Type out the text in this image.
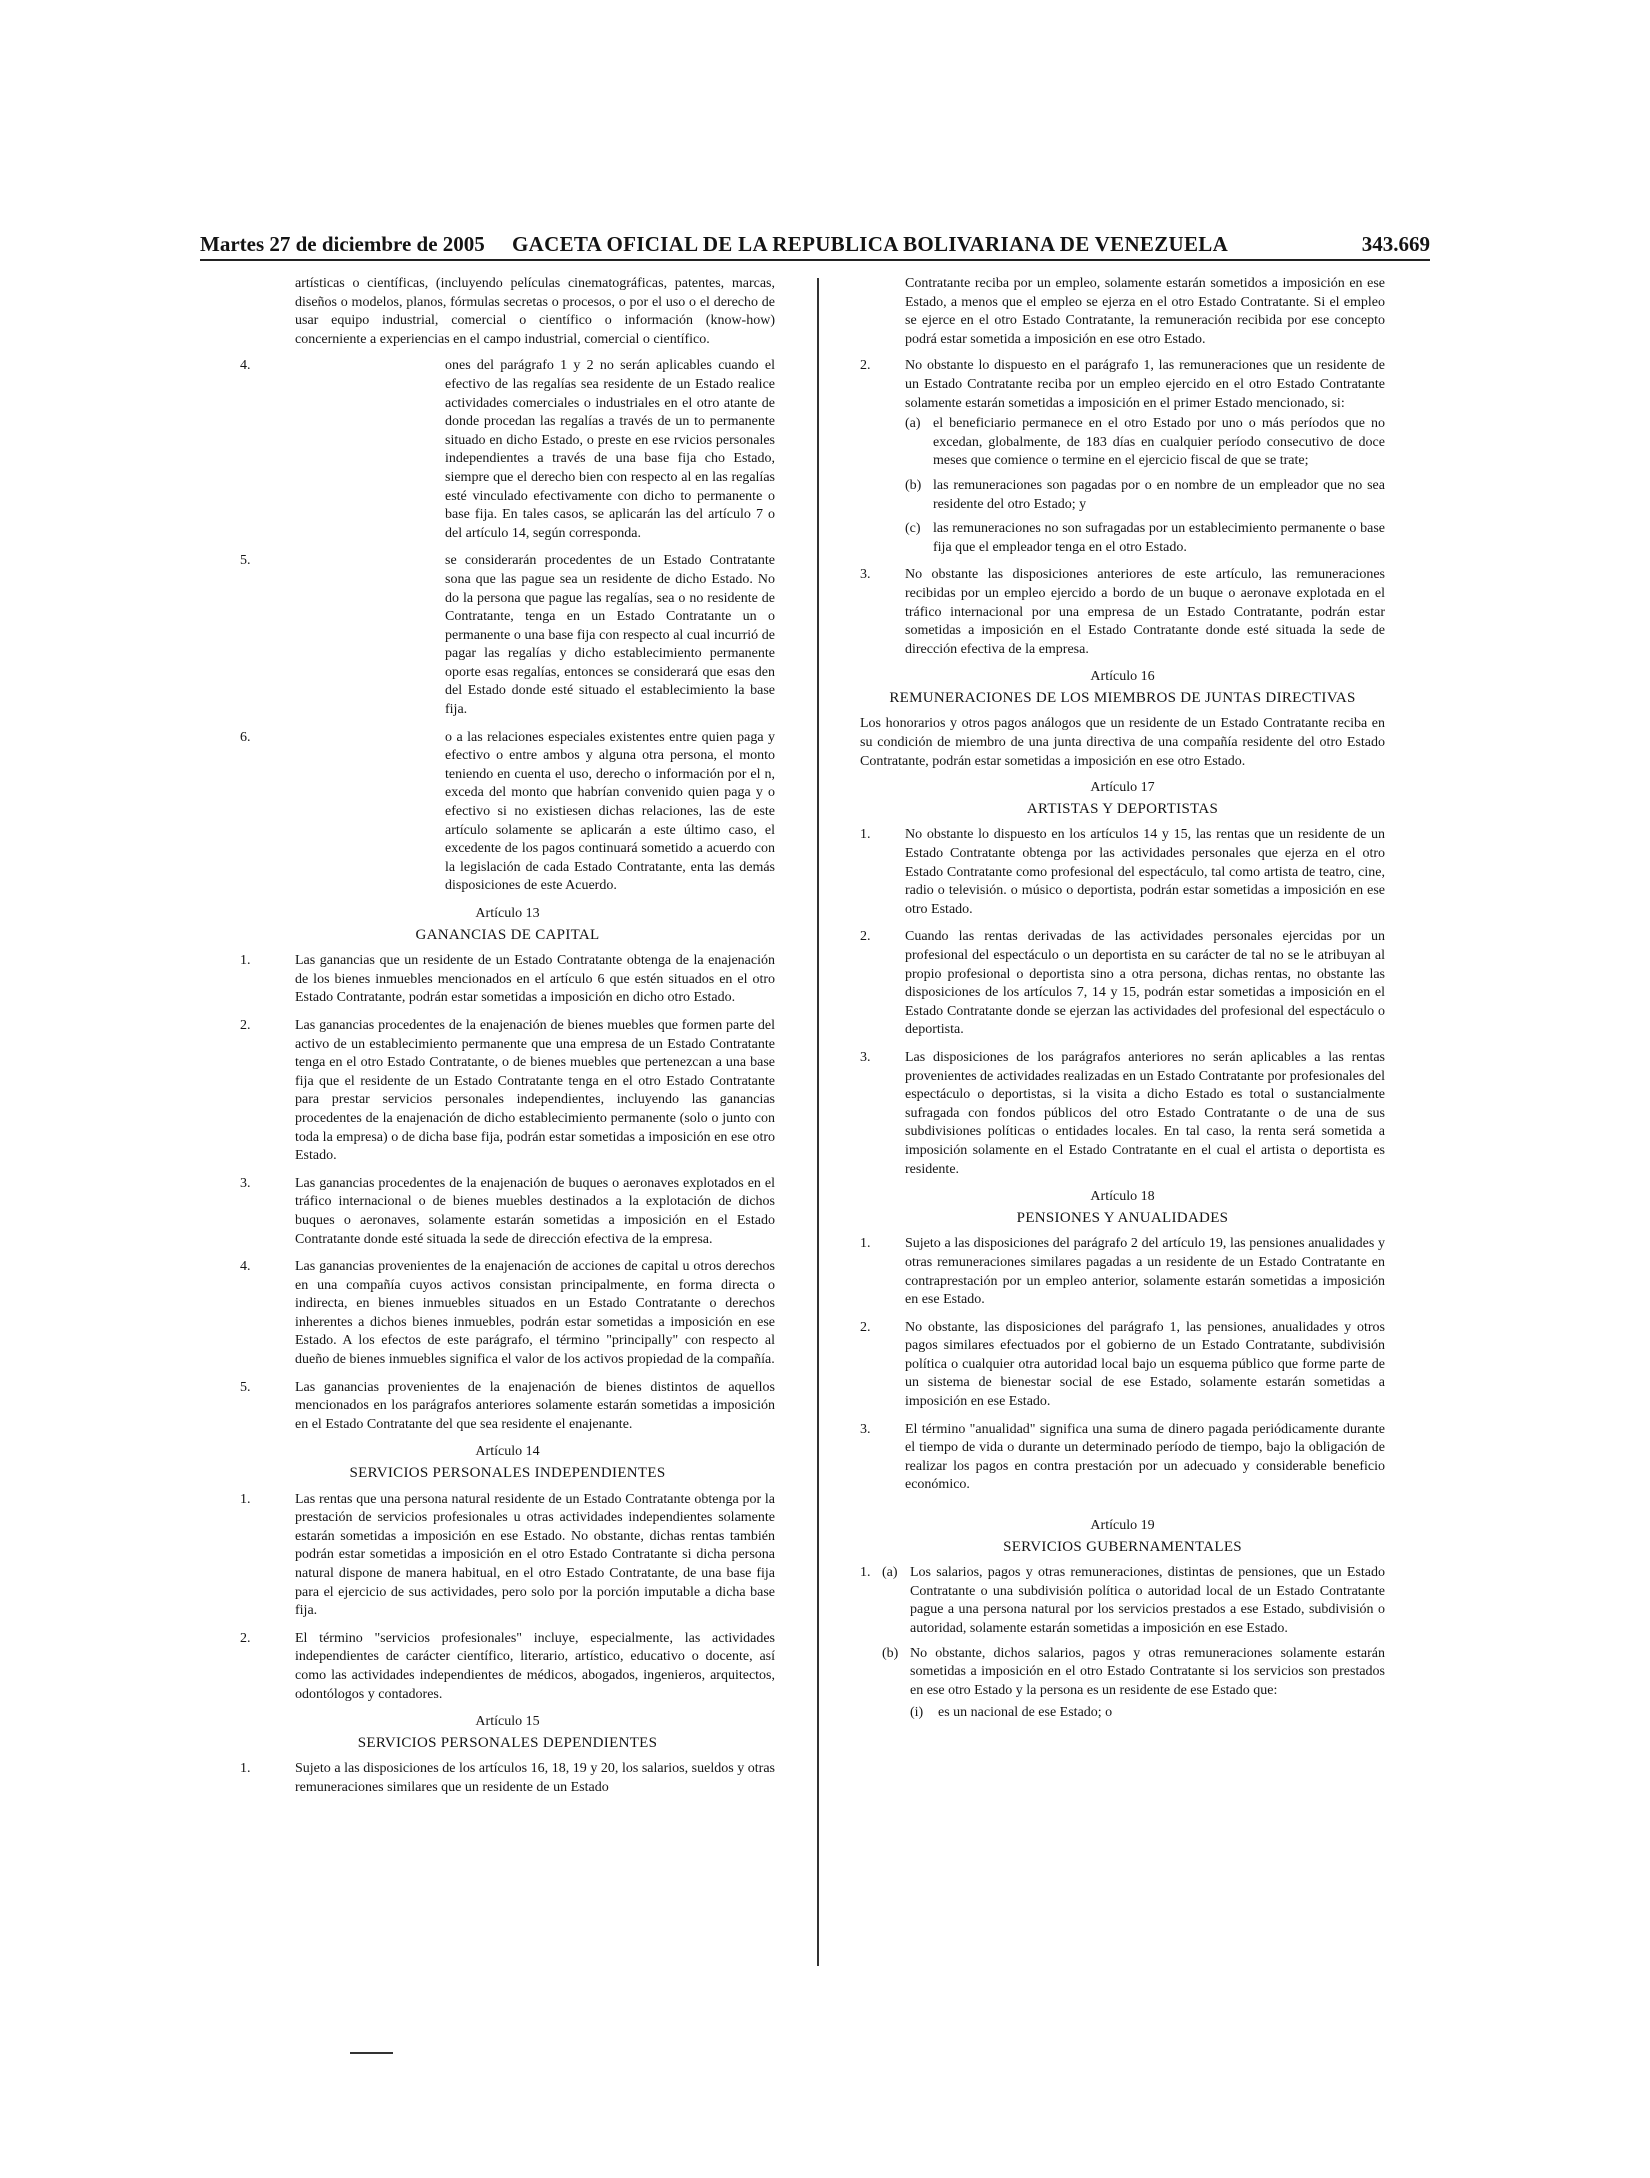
Martes 27 de diciembre de 2005 GACETA OFICIAL DE LA REPUBLICA BOLIVARIANA DE VENEZUELA	343.669
artísticas o científicas, (incluyendo películas cinematográficas, patentes, marcas, diseños o modelos, planos, fórmulas secretas o procesos, o por el uso o el derecho de usar equipo industrial, comercial o científico o información (know-how) concerniente a experiencias en el campo industrial, comercial o científico.
4.	ones del parágrafo 1 y 2 no serán aplicables cuando el efectivo de las regalías sea residente de un Estado realice actividades comerciales o industriales en el otro atante de donde procedan las regalías a través de un to permanente situado en dicho Estado, o preste en ese rvicios personales independientes a través de una base fija cho Estado, siempre que el derecho bien con respecto al en las regalías esté vinculado efectivamente con dicho to permanente o base fija. En tales casos, se aplicarán las del artículo 7 o del artículo 14, según corresponda.
5.	se considerarán procedentes de un Estado Contratante sona que las pague sea un residente de dicho Estado. No do la persona que pague las regalías, sea o no residente de Contratante, tenga en un Estado Contratante un o permanente o una base fija con respecto al cual incurrió de pagar las regalías y dicho establecimiento permanente oporte esas regalías, entonces se considerará que esas den del Estado donde esté situado el establecimiento la base fija.
6.	o a las relaciones especiales existentes entre quien paga y efectivo o entre ambos y alguna otra persona, el monto teniendo en cuenta el uso, derecho o información por el n, exceda del monto que habrían convenido quien paga y o efectivo si no existiesen dichas relaciones, las de este artículo solamente se aplicarán a este último caso, el excedente de los pagos continuará sometido a acuerdo con la legislación de cada Estado Contratante, enta las demás disposiciones de este Acuerdo.
Artículo 13
GANANCIAS DE CAPITAL
1.	Las ganancias que un residente de un Estado Contratante obtenga de la enajenación de los bienes inmuebles mencionados en el artículo 6 que estén situados en el otro Estado Contratante, podrán estar sometidas a imposición en dicho otro Estado.
2.	Las ganancias procedentes de la enajenación de bienes muebles que formen parte del activo de un establecimiento permanente que una empresa de un Estado Contratante tenga en el otro Estado Contratante, o de bienes muebles que pertenezcan a una base fija que el residente de un Estado Contratante tenga en el otro Estado Contratante para prestar servicios personales independientes, incluyendo las ganancias procedentes de la enajenación de dicho establecimiento permanente (solo o junto con toda la empresa) o de dicha base fija, podrán estar sometidas a imposición en ese otro Estado.
3.	Las ganancias procedentes de la enajenación de buques o aeronaves explotados en el tráfico internacional o de bienes muebles destinados a la explotación de dichos buques o aeronaves, solamente estarán sometidas a imposición en el Estado Contratante donde esté situada la sede de dirección efectiva de la empresa.
4.	Las ganancias provenientes de la enajenación de acciones de capital u otros derechos en una compañía cuyos activos consistan principalmente, en forma directa o indirecta, en bienes inmuebles situados en un Estado Contratante o derechos inherentes a dichos bienes inmuebles, podrán estar sometidas a imposición en ese Estado. A los efectos de este parágrafo, el término "principally" con respecto al dueño de bienes inmuebles significa el valor de los activos propiedad de la compañía.
5.	Las ganancias provenientes de la enajenación de bienes distintos de aquellos mencionados en los parágrafos anteriores solamente estarán sometidas a imposición en el Estado Contratante del que sea residente el enajenante.
Artículo 14
SERVICIOS PERSONALES INDEPENDIENTES
1.	Las rentas que una persona natural residente de un Estado Contratante obtenga por la prestación de servicios profesionales u otras actividades independientes solamente estarán sometidas a imposición en ese Estado. No obstante, dichas rentas también podrán estar sometidas a imposición en el otro Estado Contratante si dicha persona natural dispone de manera habitual, en el otro Estado Contratante, de una base fija para el ejercicio de sus actividades, pero solo por la porción imputable a dicha base fija.
2.	El término "servicios profesionales" incluye, especialmente, las actividades independientes de carácter científico, literario, artístico, educativo o docente, así como las actividades independientes de médicos, abogados, ingenieros, arquitectos, odontólogos y contadores.
Artículo 15
SERVICIOS PERSONALES DEPENDIENTES
1.	Sujeto a las disposiciones de los artículos 16, 18, 19 y 20, los salarios, sueldos y otras remuneraciones similares que un residente de un Estado
Contratante reciba por un empleo, solamente estarán sometidos a imposición en ese Estado, a menos que el empleo se ejerza en el otro Estado Contratante. Si el empleo se ejerce en el otro Estado Contratante, la remuneración recibida por ese concepto podrá estar sometida a imposición en ese otro Estado.
2. No obstante lo dispuesto en el parágrafo 1, las remuneraciones que un residente de un Estado Contratante reciba por un empleo ejercido en el otro Estado Contratante solamente estarán sometidas a imposición en el primer Estado mencionado, si:
(a) el beneficiario permanece en el otro Estado por uno o más períodos que no excedan, globalmente, de 183 días en cualquier período consecutivo de doce meses que comience o termine en el ejercicio fiscal de que se trate;
(b) las remuneraciones son pagadas por o en nombre de un empleador que no sea residente del otro Estado; y
(c) las remuneraciones no son sufragadas por un establecimiento permanente o base fija que el empleador tenga en el otro Estado.
3. No obstante las disposiciones anteriores de este artículo, las remuneraciones recibidas por un empleo ejercido a bordo de un buque o aeronave explotada en el tráfico internacional por una empresa de un Estado Contratante, podrán estar sometidas a imposición en el Estado Contratante donde esté situada la sede de dirección efectiva de la empresa.
Artículo 16
REMUNERACIONES DE LOS MIEMBROS DE JUNTAS DIRECTIVAS
Los honorarios y otros pagos análogos que un residente de un Estado Contratante reciba en su condición de miembro de una junta directiva de una compañía residente del otro Estado Contratante, podrán estar sometidas a imposición en ese otro Estado.
Artículo 17
ARTISTAS Y DEPORTISTAS
1. No obstante lo dispuesto en los artículos 14 y 15, las rentas que un residente de un Estado Contratante obtenga por las actividades personales que ejerza en el otro Estado Contratante como profesional del espectáculo, tal como artista de teatro, cine, radio o televisión. o músico o deportista, podrán estar sometidas a imposición en ese otro Estado.
2. Cuando las rentas derivadas de las actividades personales ejercidas por un profesional del espectáculo o un deportista en su carácter de tal no se le atribuyan al propio profesional o deportista sino a otra persona, dichas rentas, no obstante las disposiciones de los artículos 7, 14 y 15, podrán estar sometidas a imposición en el Estado Contratante donde se ejerzan las actividades del profesional del espectáculo o deportista.
3. Las disposiciones de los parágrafos anteriores no serán aplicables a las rentas provenientes de actividades realizadas en un Estado Contratante por profesionales del espectáculo o deportistas, si la visita a dicho Estado es total o sustancialmente sufragada con fondos públicos del otro Estado Contratante o de una de sus subdivisiones políticas o entidades locales. En tal caso, la renta será sometida a imposición solamente en el Estado Contratante en el cual el artista o deportista es residente.
Artículo 18
PENSIONES Y ANUALIDADES
1. Sujeto a las disposiciones del parágrafo 2 del artículo 19, las pensiones anualidades y otras remuneraciones similares pagadas a un residente de un Estado Contratante en contraprestación por un empleo anterior, solamente estarán sometidas a imposición en ese Estado.
2. No obstante, las disposiciones del parágrafo 1, las pensiones, anualidades y otros pagos similares efectuados por el gobierno de un Estado Contratante, subdivisión política o cualquier otra autoridad local bajo un esquema público que forme parte de un sistema de bienestar social de ese Estado, solamente estarán sometidas a imposición en ese Estado.
3. El término "anualidad" significa una suma de dinero pagada periódicamente durante el tiempo de vida o durante un determinado período de tiempo, bajo la obligación de realizar los pagos en contra prestación por un adecuado y considerable beneficio económico.
Artículo 19
SERVICIOS GUBERNAMENTALES
1. (a) Los salarios, pagos y otras remuneraciones, distintas de pensiones, que un Estado Contratante o una subdivisión política o autoridad local de un Estado Contratante pague a una persona natural por los servicios prestados a ese Estado, subdivisión o autoridad, solamente estarán sometidas a imposición en ese Estado.
(b) No obstante, dichos salarios, pagos y otras remuneraciones solamente estarán sometidas a imposición en el otro Estado Contratante si los servicios son prestados en ese otro Estado y la persona es un residente de ese Estado que:
(i) es un nacional de ese Estado; o
